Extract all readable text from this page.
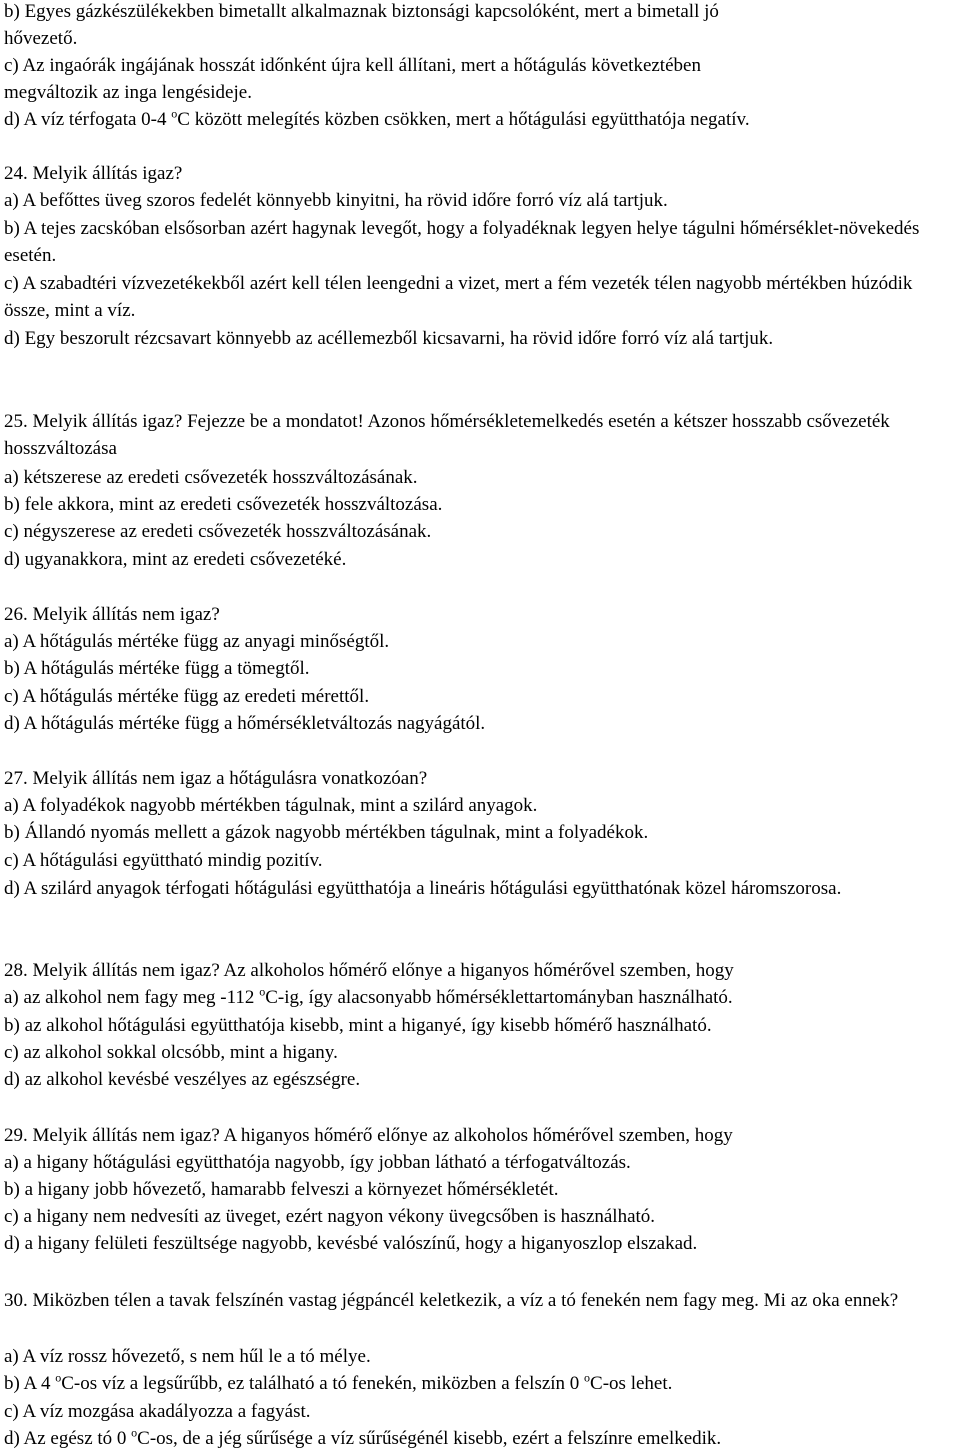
b) Egyes gázkészülékekben bimetallt alkalmaznak biztonsági kapcsolóként, mert a bimetall jó
hővezető.
c) Az ingaórák ingájának hosszát időnként újra kell állítani, mert a hőtágulás következtében
megváltozik az inga lengésideje.
d) A víz térfogata 0-4 $^o$C között melegítés közben csökken, mert a hőtágulási együtthatója negatív.
24. Melyik állítás igaz?
a) A befőttes üveg szoros fedelét könnyebb kinyitni, ha rövid időre forró víz alá tartjuk.
b) A tejes zacskóban elsősorban azért hagynak levegőt, hogy a folyadéknak legyen helye tágulni hőmérséklet-növekedés esetén.
c) A szabadtéri vízvezetékekből azért kell télen leengedni a vizet, mert a fém vezeték télen nagyobb mértékben húzódik össze, mint a víz.
d) Egy beszorult rézcsavart könnyebb az acéllemezből kicsavarni, ha rövid időre forró víz alá tartjuk.
25. Melyik állítás igaz? Fejezze be a mondatot! Azonos hőmérsékletemelkedés esetén a kétszer hosszabb csővezeték hosszváltozása
a) kétszerese az eredeti csővezeték hosszváltozásának.
b) fele akkora, mint az eredeti csővezeték hosszváltozása.
c) négyszerese az eredeti csővezeték hosszváltozásának.
d) ugyanakkora, mint az eredeti csővezetéké.
26. Melyik állítás nem igaz?
a) A hőtágulás mértéke függ az anyagi minőségtől.
b) A hőtágulás mértéke függ a tömegtől.
c) A hőtágulás mértéke függ az eredeti mérettől.
d) A hőtágulás mértéke függ a hőmérsékletváltozás nagyágától.
27. Melyik állítás nem igaz a hőtágulásra vonatkozóan?
a) A folyadékok nagyobb mértékben tágulnak, mint a szilárd anyagok.
b) Állandó nyomás mellett a gázok nagyobb mértékben tágulnak, mint a folyadékok.
c) A hőtágulási együttható mindig pozitív.
d) A szilárd anyagok térfogati hőtágulási együtthatója a lineáris hőtágulási együtthatónak közel háromszorosa.
28. Melyik állítás nem igaz? Az alkoholos hőmérő előnye a higanyos hőmérővel szemben, hogy
a) az alkohol nem fagy meg -112 $^o$C-ig, így alacsonyabb hőmérséklettartományban használható.
b) az alkohol hőtágulási együtthatója kisebb, mint a higanyé, így kisebb hőmérő használható.
c) az alkohol sokkal olcsóbb, mint a higany.
d) az alkohol kevésbé veszélyes az egészségre.
29. Melyik állítás nem igaz? A higanyos hőmérő előnye az alkoholos hőmérővel szemben, hogy
a) a higany hőtágulási együtthatója nagyobb, így jobban látható a térfogatváltozás.
b) a higany jobb hővezető, hamarabb felveszi a környezet hőmérsékletét.
c) a higany nem nedvesíti az üveget, ezért nagyon vékony üvegcsőben is használható.
d) a higany felületi feszültsége nagyobb, kevésbé valószínű, hogy a higanyoszlop elszakad.
30. Miközben télen a tavak felszínén vastag jégpáncél keletkezik, a víz a tó fenekén nem fagy meg. Mi az oka ennek?
a) A víz rossz hővezető, s nem hűl le a tó mélye.
b) A 4 $^o$C-os víz a legsűrűbb, ez található a tó fenekén, miközben a felszín 0 $^o$C-os lehet.
c) A víz mozgása akadályozza a fagyást.
d) Az egész tó 0 $^o$C-os, de a jég sűrűsége a víz sűrűségénél kisebb, ezért a felszínre emelkedik.
